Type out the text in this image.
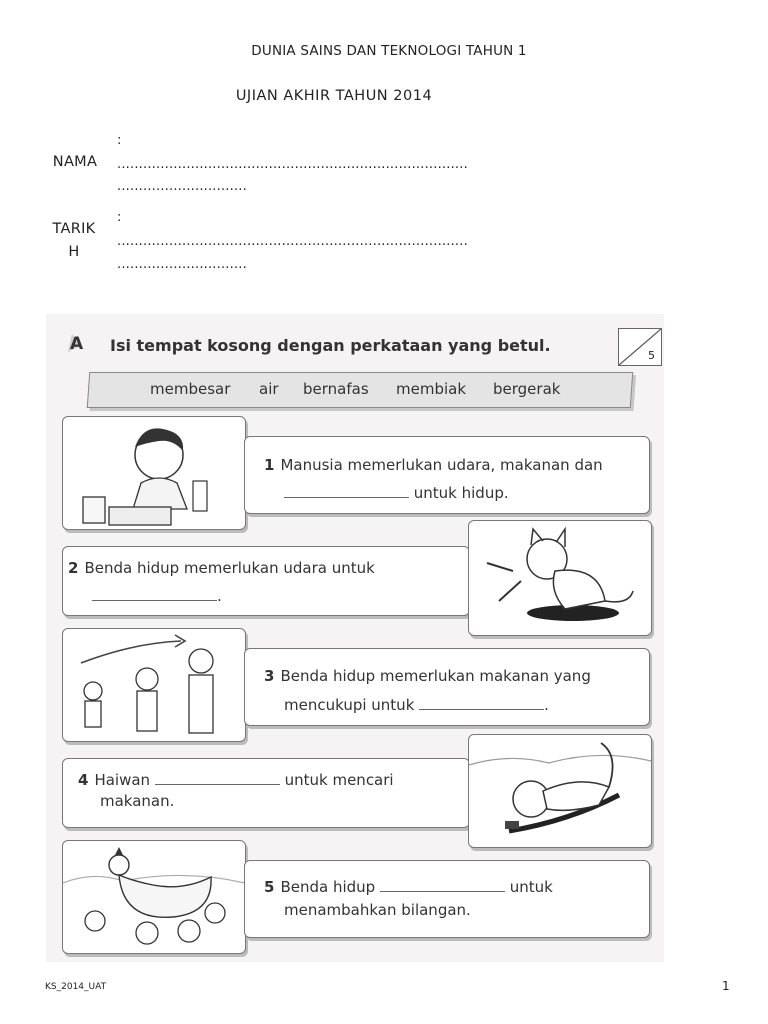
DUNIA SAINS DAN TEKNOLOGI TAHUN 1
UJIAN AKHIR TAHUN 2014
NAMA
:
.................................................................................
..............................
TARIK
H
:
.................................................................................
..............................
A Isi tempat kosong dengan perkataan yang betul.
5
membesar air bernafas membiak bergerak
1 Manusia memerlukan udara, makanan dan
untuk hidup.
2 Benda hidup memerlukan udara untuk
.
3 Benda hidup memerlukan makanan yang
mencukupi untuk	.
4 Haiwan	untuk mencari
makanan.
5 Benda hidup	untuk
menambahkan bilangan.
KS_2014_UAT	1
